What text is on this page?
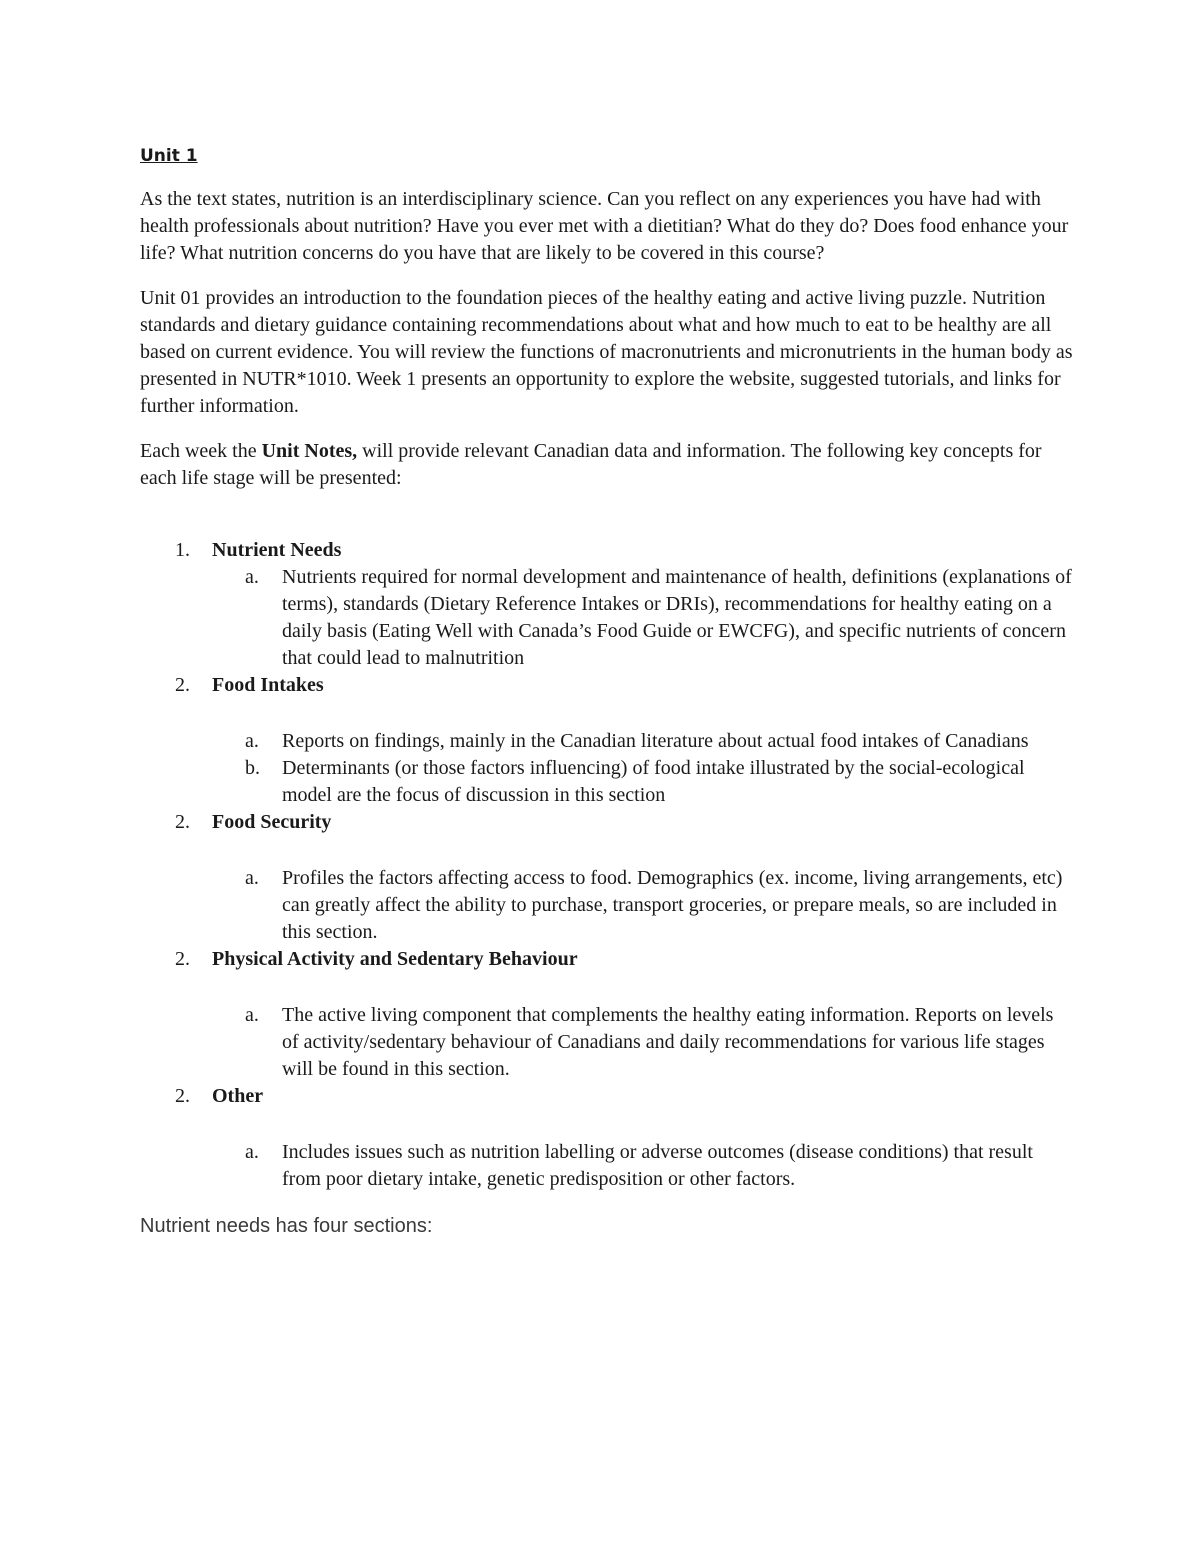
Unit 1

As the text states, nutrition is an interdisciplinary science. Can you reflect on any experiences you have had with health professionals about nutrition? Have you ever met with a dietitian? What do they do? Does food enhance your life? What nutrition concerns do you have that are likely to be covered in this course?

Unit 01 provides an introduction to the foundation pieces of the healthy eating and active living puzzle. Nutrition standards and dietary guidance containing recommendations about what and how much to eat to be healthy are all based on current evidence. You will review the functions of macronutrients and micronutrients in the human body as presented in NUTR*1010. Week 1 presents an opportunity to explore the website, suggested tutorials, and links for further information.

Each week the Unit Notes, will provide relevant Canadian data and information. The following key concepts for each life stage will be presented:

1.	Nutrient Needs
a. Nutrients required for normal development and maintenance of health, definitions (explanations of terms), standards (Dietary Reference Intakes or DRIs), recommendations for healthy eating on a daily basis (Eating Well with Canada’s Food Guide or EWCFG), and specific nutrients of concern that could lead to malnutrition
2.	Food Intakes
a. Reports on findings, mainly in the Canadian literature about actual food intakes of Canadians
b. Determinants (or those factors influencing) of food intake illustrated by the social-ecological model are the focus of discussion in this section
2.	Food Security
a. Profiles the factors affecting access to food. Demographics (ex. income, living arrangements, etc) can greatly affect the ability to purchase, transport groceries, or prepare meals, so are included in this section.
2.	Physical Activity and Sedentary Behaviour
a. The active living component that complements the healthy eating information. Reports on levels of activity/sedentary behaviour of Canadians and daily recommendations for various life stages will be found in this section.
2.	Other
a. Includes issues such as nutrition labelling or adverse outcomes (disease conditions) that result from poor dietary intake, genetic predisposition or other factors.
Nutrient needs has four sections:
